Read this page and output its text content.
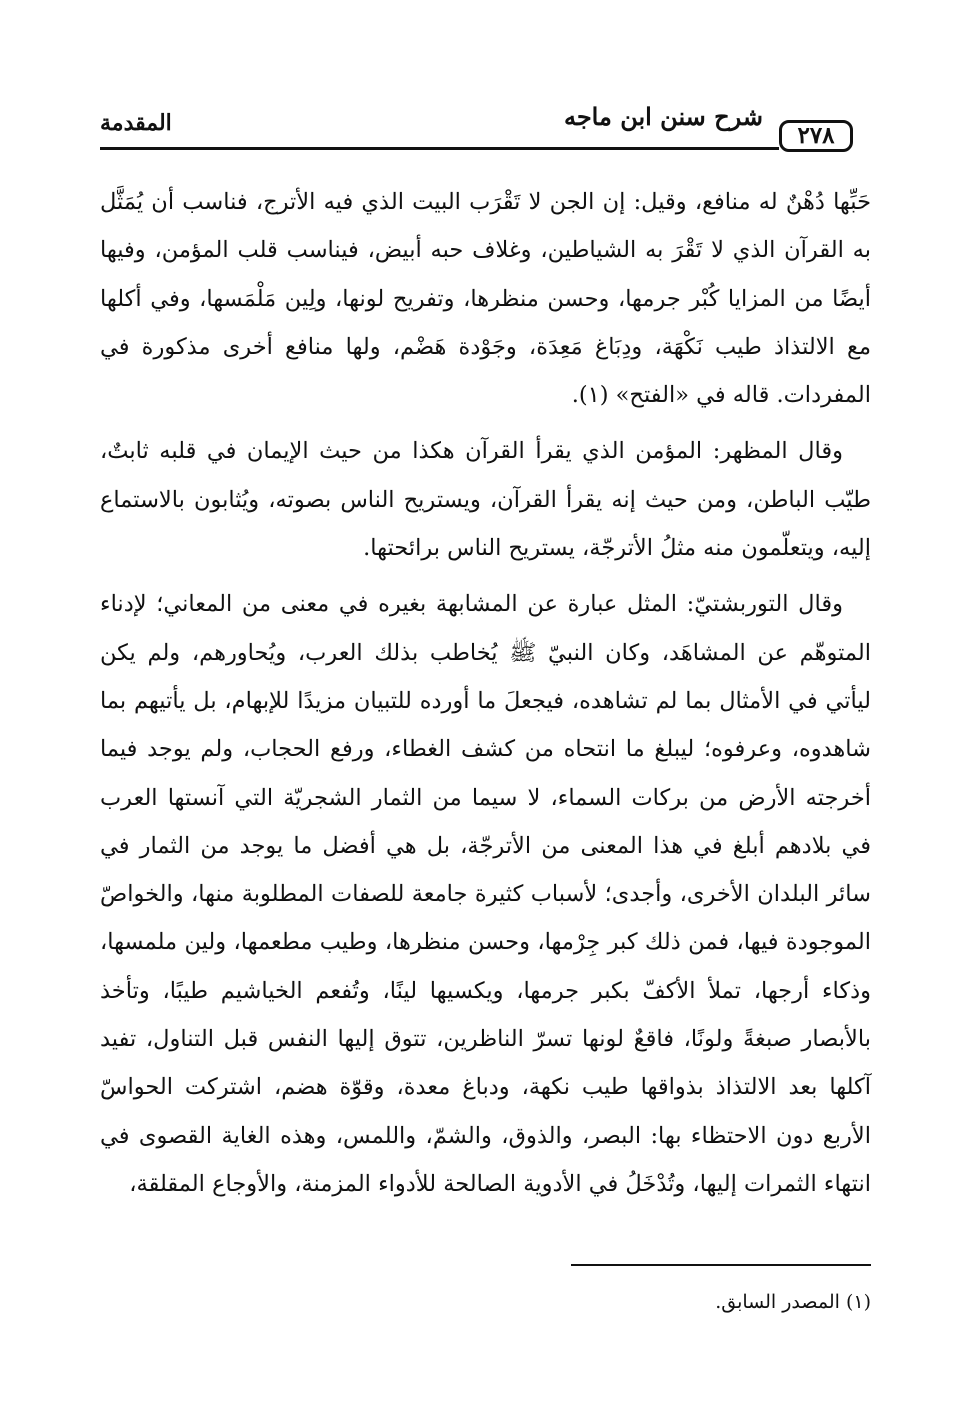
المقدمة	شرح سنن ابن ماجه
٢٧٨

حَبِّها دُهْنٌ له منافع، وقيل: إن الجن لا تَقْرَب البيت الذي فيه الأترج، فناسب أن يُمَثَّل به القرآن الذي لا تَقْرَ به الشياطين، وغلاف حبه أبيض، فيناسب قلب المؤمن، وفيها أيضًا من المزايا كُبْر جرمها، وحسن منظرها، وتفريح لونها، ولِين مَلْمَسها، وفي أكلها مع الالتذاذ طيب نَكْهَة، ودِبَاغ مَعِدَة، وجَوْدة هَضْم، ولها منافع أخرى مذكورة في المفردات. قاله في «الفتح» (١).

وقال المظهر: المؤمن الذي يقرأ القرآن هكذا من حيث الإيمان في قلبه ثابتٌ، طيّب الباطن، ومن حيث إنه يقرأ القرآن، ويستريح الناس بصوته، ويُثابون بالاستماع إليه، ويتعلّمون منه مثلُ الأترجّة، يستريح الناس برائحتها.

وقال التوربشتيّ: المثل عبارة عن المشابهة بغيره في معنى من المعاني؛ لإدناء المتوهّم عن المشاهَد، وكان النبيّ ﷺ يُخاطب بذلك العرب، ويُحاورهم، ولم يكن ليأتي في الأمثال بما لم تشاهده، فيجعلَ ما أورده للتبيان مزيدًا للإبهام، بل يأتيهم بما شاهدوه، وعرفوه؛ ليبلغ ما انتحاه من كشف الغطاء، ورفع الحجاب، ولم يوجد فيما أخرجته الأرض من بركات السماء، لا سيما من الثمار الشجريّة التي آنستها العرب في بلادهم أبلغ في هذا المعنى من الأترجّة، بل هي أفضل ما يوجد من الثمار في سائر البلدان الأخرى، وأجدى؛ لأسباب كثيرة جامعة للصفات المطلوبة منها، والخواصّ الموجودة فيها، فمن ذلك كبر جِرْمها، وحسن منظرها، وطيب مطعمها، ولين ملمسها، وذكاء أرجها، تملأ الأكفّ بكبر جرمها، ويكسيها لينًا، وتُفعم الخياشيم طيبًا، وتأخذ بالأبصار صبغةً ولونًا، فاقعٌ لونها تسرّ الناظرين، تتوق إليها النفس قبل التناول، تفيد آكلها بعد الالتذاذ بذواقها طيب نكهة، ودباغ معدة، وقوّة هضم، اشتركت الحواسّ الأربع دون الاحتظاء بها: البصر، والذوق، والشمّ، واللمس، وهذه الغاية القصوى في انتهاء الثمرات إليها، وتُدْخَلُ في الأدوية الصالحة للأدواء المزمنة، والأوجاع المقلقة،

(١) المصدر السابق.
